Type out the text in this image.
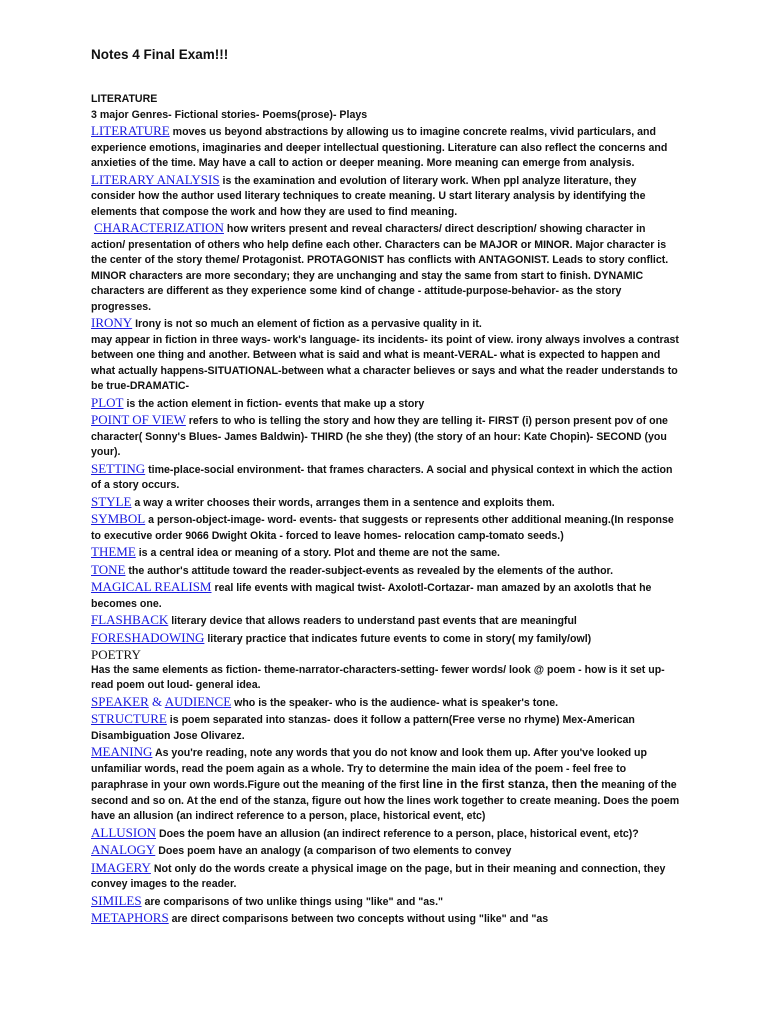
Notes 4 Final Exam!!!

LITERATURE

3 major Genres- Fictional stories- Poems(prose)- Plays

LITERATURE moves us beyond abstractions by allowing us to imagine concrete realms, vivid particulars, and experience emotions, imaginaries and deeper intellectual questioning. Literature can also reflect the concerns and anxieties of the time. May have a call to action or deeper meaning. More meaning can emerge from analysis.

LITERARY ANALYSIS is the examination and evolution of literary work. When ppl analyze literature, they consider how the author used literary techniques to create meaning. U start literary analysis by identifying the elements that compose the work and how they are used to find meaning.

CHARACTERIZATION how writers present and reveal characters/ direct description/ showing character in action/ presentation of others who help define each other. Characters can be MAJOR or MINOR. Major character is the center of the story theme/ Protagonist. PROTAGONIST has conflicts with ANTAGONIST. Leads to story conflict. MINOR characters are more secondary; they are unchanging and stay the same from start to finish. DYNAMIC characters are different as they experience some kind of change - attitude-purpose-behavior- as the story progresses.

IRONY Irony is not so much an element of fiction as a pervasive quality in it.

may appear in fiction in three ways- work's language- its incidents- its point of view. irony always involves a contrast between one thing and another. Between what is said and what is meant-VERAL- what is expected to happen and what actually happens-SITUATIONAL-between what a character believes or says and what the reader understands to be true-DRAMATIC-

PLOT is the action element in fiction- events that make up a story

POINT OF VIEW refers to who is telling the story and how they are telling it- FIRST (i) person present pov of one character( Sonny's Blues- James Baldwin)- THIRD (he she they) (the story of an hour: Kate Chopin)- SECOND (you your).

SETTING time-place-social environment- that frames characters. A social and physical context in which the action of a story occurs.

STYLE a way a writer chooses their words, arranges them in a sentence and exploits them.

SYMBOL a person-object-image- word- events- that suggests or represents other additional meaning.(In response to executive order 9066 Dwight Okita - forced to leave homes- relocation camp-tomato seeds.)

THEME is a central idea or meaning of a story. Plot and theme are not the same.

TONE the author's attitude toward the reader-subject-events as revealed by the elements of the author.

MAGICAL REALISM real life events with magical twist- Axolotl-Cortazar- man amazed by an axolotls that he becomes one.

FLASHBACK literary device that allows readers to understand past events that are meaningful

FORESHADOWING literary practice that indicates future events to come in story( my family/owl)

POETRY

Has the same elements as fiction- theme-narrator-characters-setting- fewer words/ look @ poem - how is it set up-read poem out loud- general idea.

SPEAKER & AUDIENCE who is the speaker- who is the audience- what is speaker's tone.

STRUCTURE is poem separated into stanzas- does it follow a pattern(Free verse no rhyme) Mex-American Disambiguation Jose Olivarez.

MEANING As you're reading, note any words that you do not know and look them up. After you've looked up unfamiliar words, read the poem again as a whole. Try to determine the main idea of the poem - feel free to paraphrase in your own words.Figure out the meaning of the first line in the first stanza, then the meaning of the second and so on. At the end of the stanza, figure out how the lines work together to create meaning. Does the poem have an allusion (an indirect reference to a person, place, historical event, etc)

ALLUSION Does the poem have an allusion (an indirect reference to a person, place, historical event, etc)?

ANALOGY Does poem have an analogy (a comparison of two elements to convey

IMAGERY Not only do the words create a physical image on the page, but in their meaning and connection, they convey images to the reader.

SIMILES are comparisons of two unlike things using "like" and "as."

METAPHORS are direct comparisons between two concepts without using "like" and "as
